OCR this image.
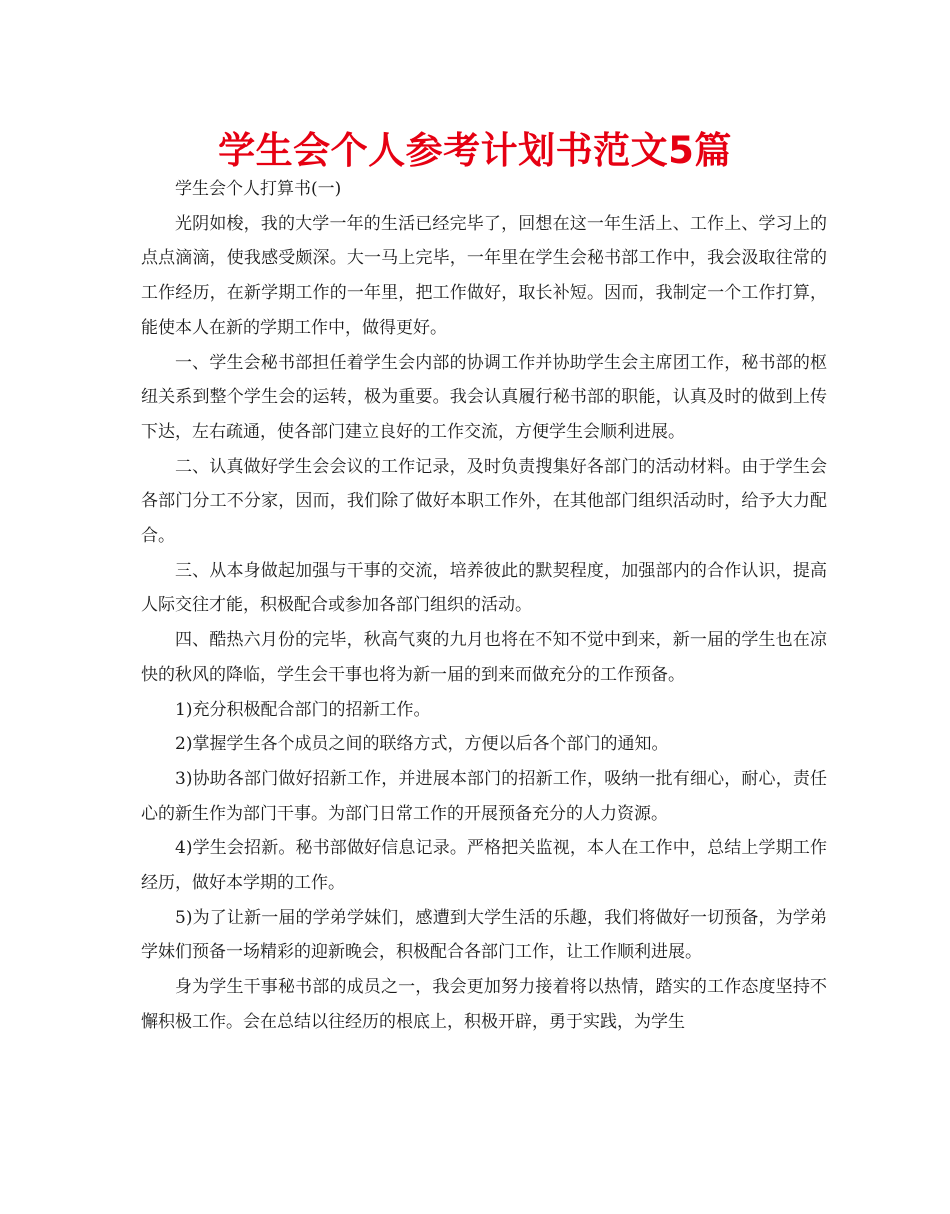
学生会个人参考计划书范文5篇

学生会个人打算书(一)

光阴如梭，我的大学一年的生活已经完毕了，回想在这一年生活上、工作上、学习上的点点滴滴，使我感受颇深。大一马上完毕，一年里在学生会秘书部工作中，我会汲取往常的工作经历，在新学期工作的一年里，把工作做好，取长补短。因而，我制定一个工作打算，能使本人在新的学期工作中，做得更好。

一、学生会秘书部担任着学生会内部的协调工作并协助学生会主席团工作，秘书部的枢纽关系到整个学生会的运转，极为重要。我会认真履行秘书部的职能，认真及时的做到上传下达，左右疏通，使各部门建立良好的工作交流，方便学生会顺利进展。

二、认真做好学生会会议的工作记录，及时负责搜集好各部门的活动材料。由于学生会各部门分工不分家，因而，我们除了做好本职工作外，在其他部门组织活动时，给予大力配合。

三、从本身做起加强与干事的交流，培养彼此的默契程度，加强部内的合作认识，提高人际交往才能，积极配合或参加各部门组织的活动。

四、酷热六月份的完毕，秋高气爽的九月也将在不知不觉中到来，新一届的学生也在凉快的秋风的降临，学生会干事也将为新一届的到来而做充分的工作预备。

1)充分积极配合部门的招新工作。

2)掌握学生各个成员之间的联络方式，方便以后各个部门的通知。

3)协助各部门做好招新工作，并进展本部门的招新工作，吸纳一批有细心，耐心，责任心的新生作为部门干事。为部门日常工作的开展预备充分的人力资源。

4)学生会招新。秘书部做好信息记录。严格把关监视，本人在工作中，总结上学期工作经历，做好本学期的工作。

5)为了让新一届的学弟学妹们，感遭到大学生活的乐趣，我们将做好一切预备，为学弟学妹们预备一场精彩的迎新晚会，积极配合各部门工作，让工作顺利进展。

身为学生干事秘书部的成员之一，我会更加努力接着将以热情，踏实的工作态度坚持不懈积极工作。会在总结以往经历的根底上，积极开辟，勇于实践，为学生
